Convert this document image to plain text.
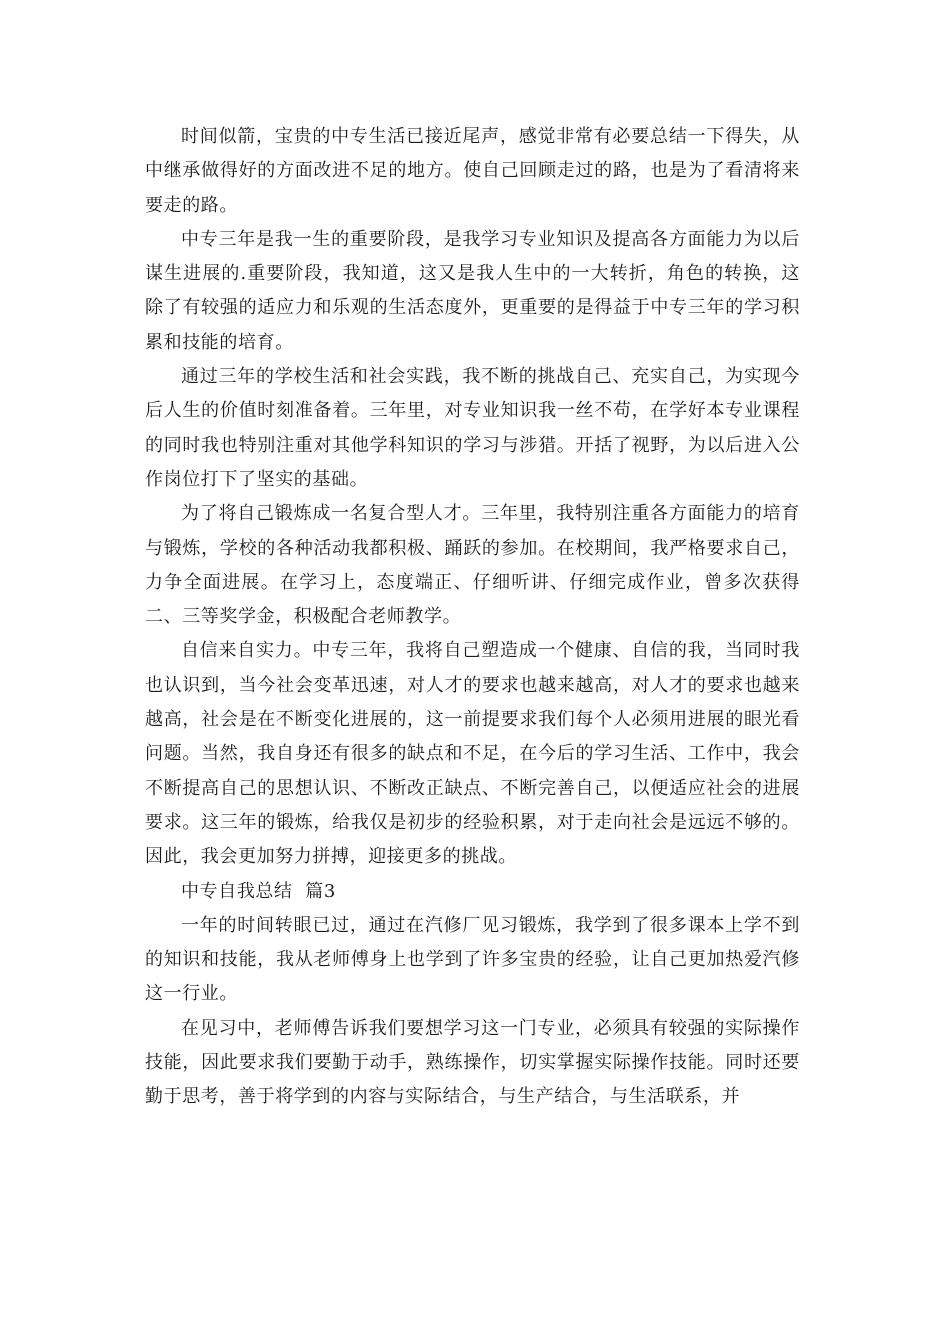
时间似箭，宝贵的中专生活已接近尾声，感觉非常有必要总结一下得失，从中继承做得好的方面改进不足的地方。使自己回顾走过的路，也是为了看清将来要走的路。

中专三年是我一生的重要阶段，是我学习专业知识及提高各方面能力为以后谋生进展的.重要阶段，我知道，这又是我人生中的一大转折，角色的转换，这除了有较强的适应力和乐观的生活态度外，更重要的是得益于中专三年的学习积累和技能的培育。

通过三年的学校生活和社会实践，我不断的挑战自己、充实自己，为实现今后人生的价值时刻准备着。三年里，对专业知识我一丝不苟，在学好本专业课程的同时我也特别注重对其他学科知识的学习与涉猎。开括了视野，为以后进入公作岗位打下了坚实的基础。

为了将自己锻炼成一名复合型人才。三年里，我特别注重各方面能力的培育与锻炼，学校的各种活动我都积极、踊跃的参加。在校期间，我严格要求自己，力争全面进展。在学习上，态度端正、仔细听讲、仔细完成作业，曾多次获得二、三等奖学金，积极配合老师教学。

自信来自实力。中专三年，我将自己塑造成一个健康、自信的我，当同时我也认识到，当今社会变革迅速，对人才的要求也越来越高，对人才的要求也越来越高，社会是在不断变化进展的，这一前提要求我们每个人必须用进展的眼光看问题。当然，我自身还有很多的缺点和不足，在今后的学习生活、工作中，我会不断提高自己的思想认识、不断改正缺点、不断完善自己，以便适应社会的进展要求。这三年的锻炼，给我仅是初步的经验积累，对于走向社会是远远不够的。因此，我会更加努力拼搏，迎接更多的挑战。

中专自我总结  篇3

一年的时间转眼已过，通过在汽修厂见习锻炼，我学到了很多课本上学不到的知识和技能，我从老师傅身上也学到了许多宝贵的经验，让自己更加热爱汽修这一行业。

在见习中，老师傅告诉我们要想学习这一门专业，必须具有较强的实际操作技能，因此要求我们要勤于动手，熟练操作，切实掌握实际操作技能。同时还要勤于思考，善于将学到的内容与实际结合，与生产结合，与生活联系，并
